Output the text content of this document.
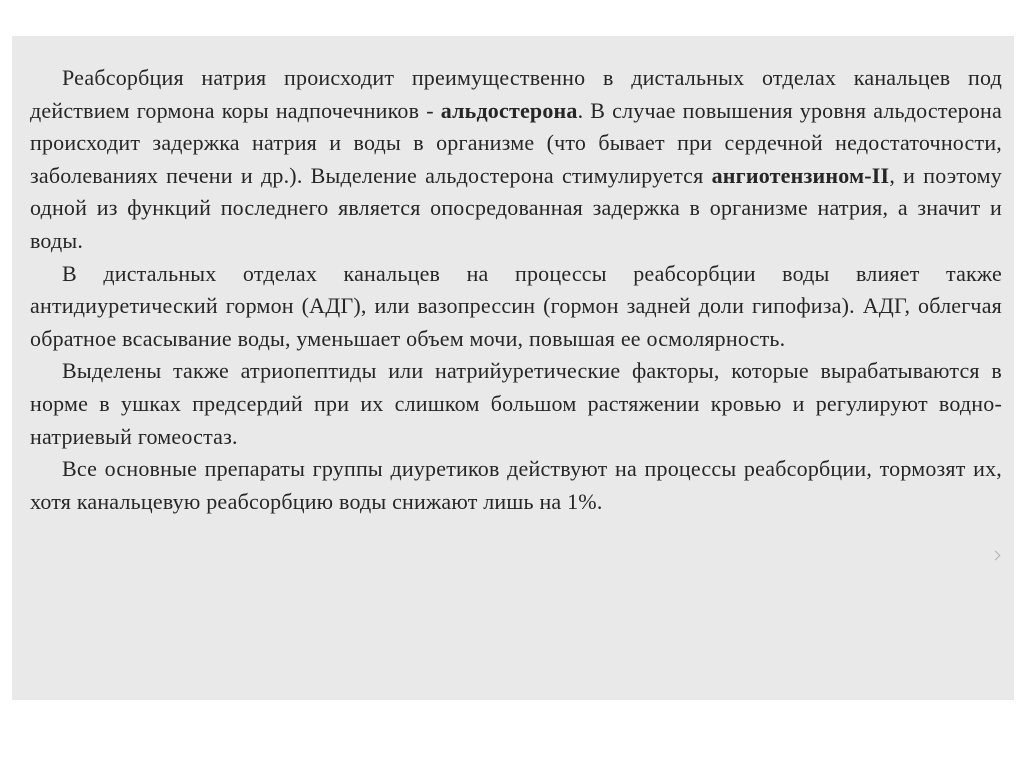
Реабсорбция натрия происходит преимущественно в дистальных отделах канальцев под действием гормона коры надпочечников - альдостерона. В случае повышения уровня альдостерона происходит задержка натрия и воды в организме (что бывает при сердечной недостаточности, заболеваниях печени и др.). Выделение альдостерона стимулируется ангиотензином-II, и поэтому одной из функций последнего является опосредованная задержка в организме натрия, а значит и воды.

В дистальных отделах канальцев на процессы реабсорбции воды влияет также антидиуретический гормон (АДГ), или вазопрессин (гормон задней доли гипофиза). АДГ, облегчая обратное всасывание воды, уменьшает объем мочи, повышая ее осмолярность.

Выделены также атриопептиды или натрийуретические факторы, которые вырабатываются в норме в ушках предсердий при их слишком большом растяжении кровью и регулируют водно-натриевый гомеостаз.

Все основные препараты группы диуретиков действуют на процессы реабсорбции, тормозят их, хотя канальцевую реабсорбцию воды снижают лишь на 1%.
